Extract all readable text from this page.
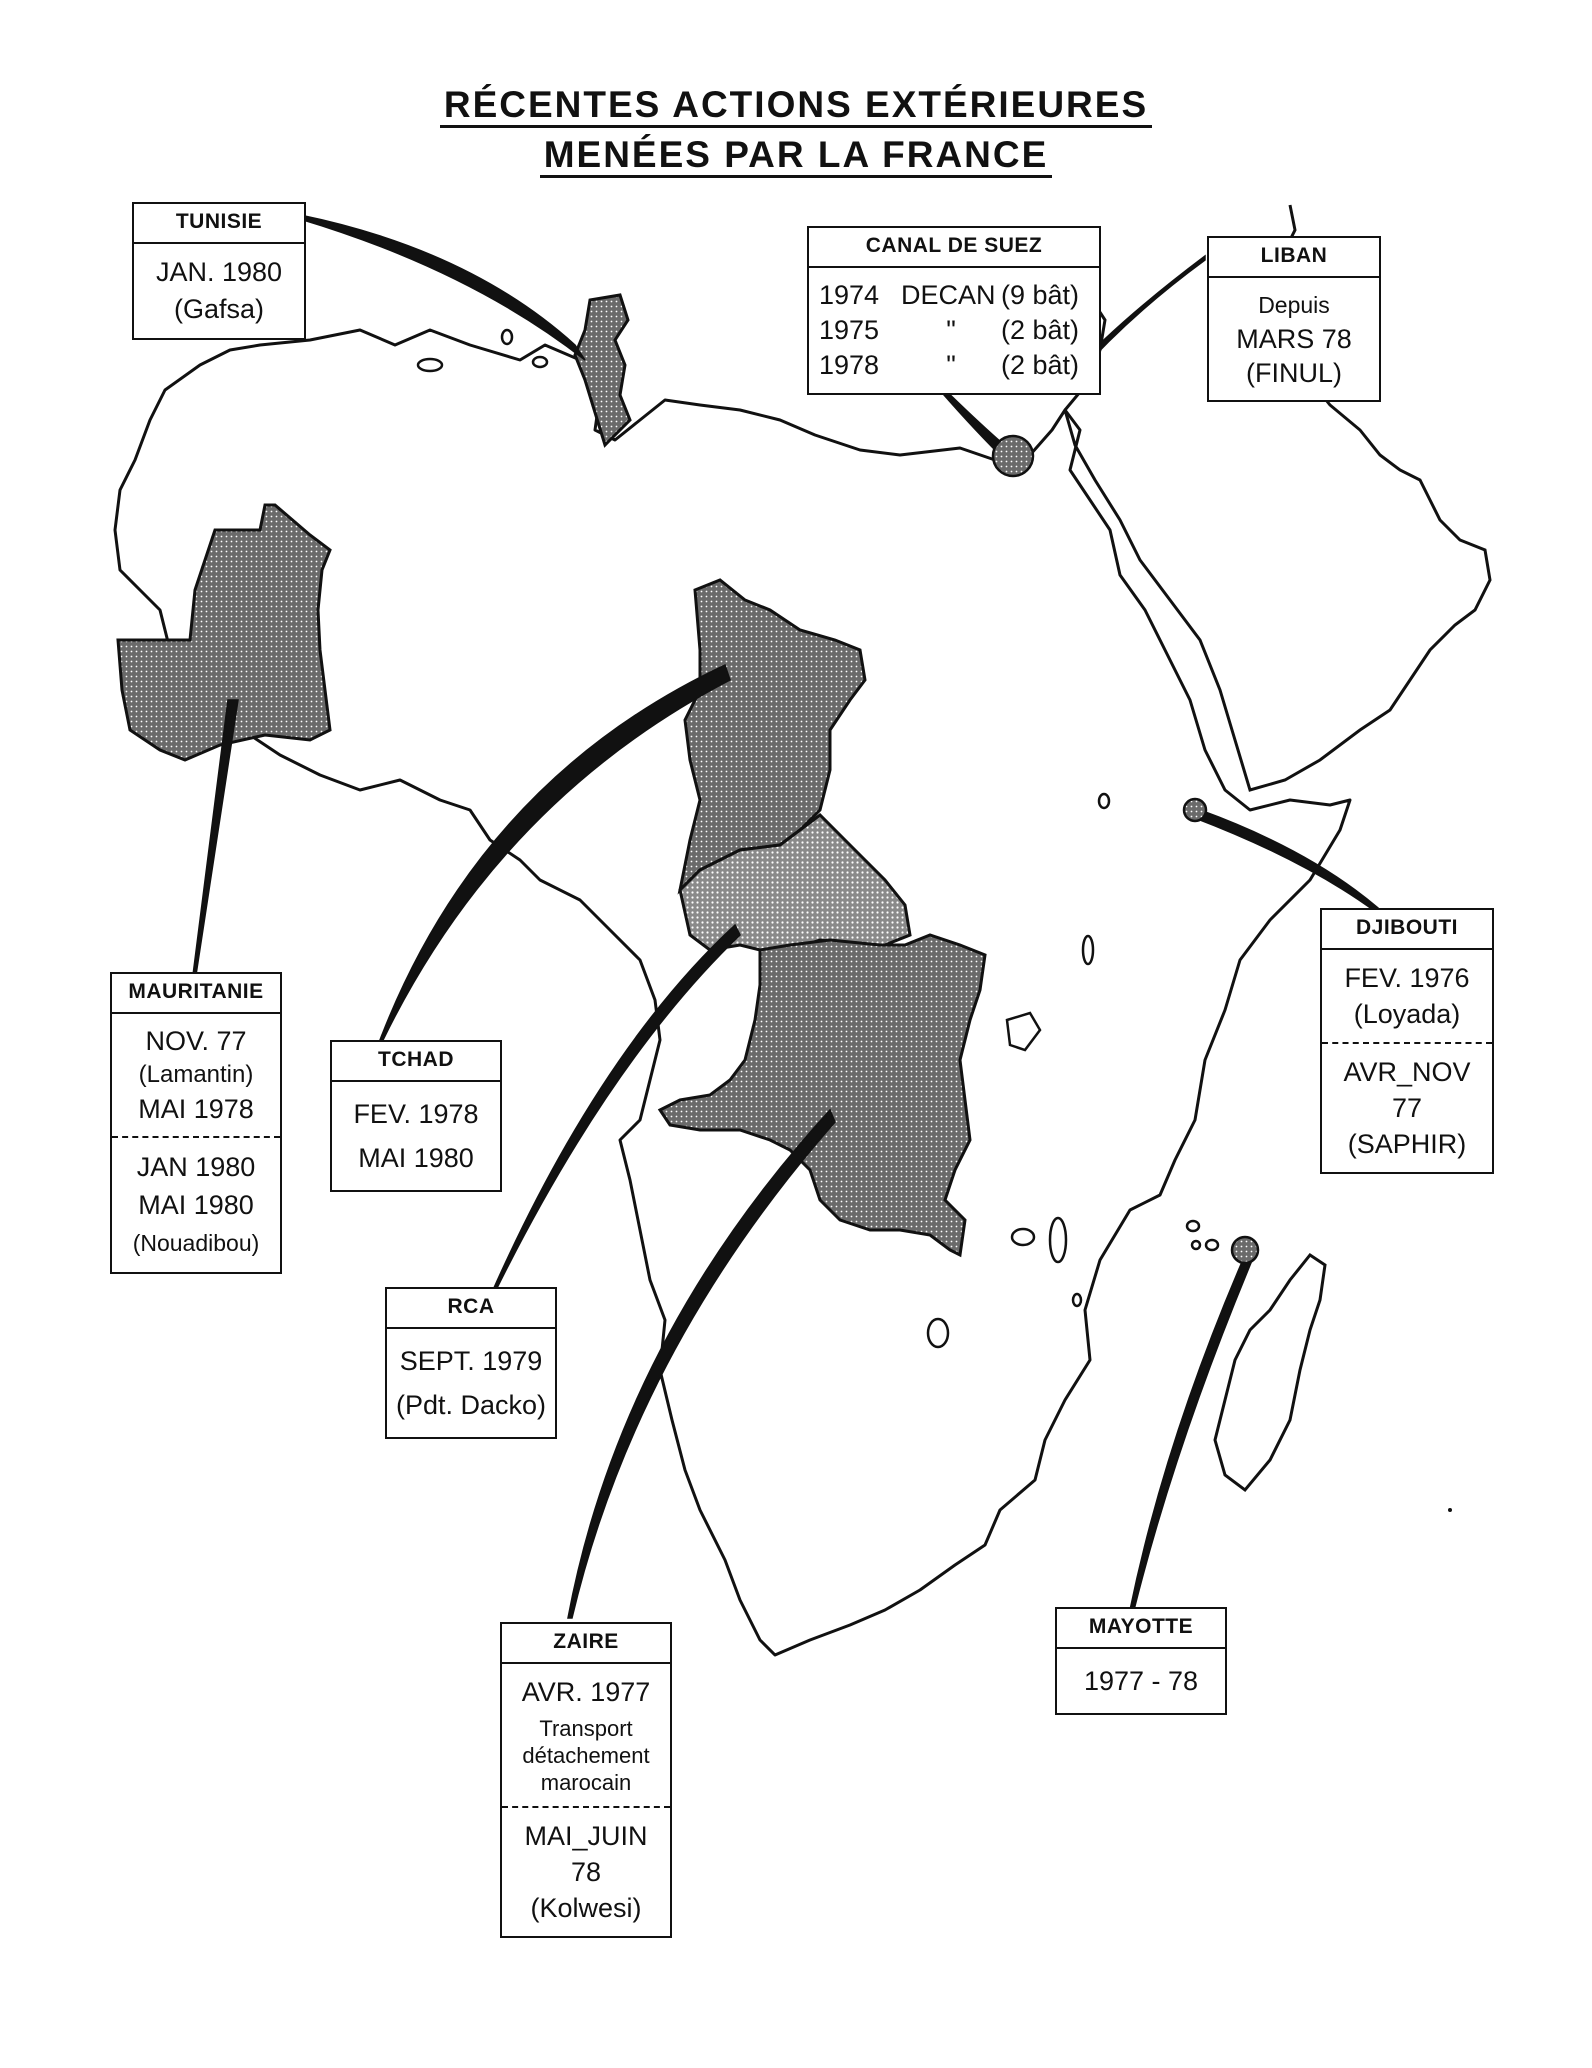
RÉCENTES ACTIONS EXTÉRIEURES
MENÉES PAR LA FRANCE
TUNISIE
JAN. 1980
(Gafsa)
CANAL DE SUEZ
1974 DECAN (9 bât)
1975 " (2 bât)
1978 " (2 bât)
LIBAN
Depuis
MARS 78
(FINUL)
DJIBOUTI
FEV. 1976
(Loyada)
AVR_NOV 77
(SAPHIR)
MAURITANIE
NOV. 77
(Lamantin)
MAI 1978
JAN 1980
MAI 1980
(Nouadibou)
TCHAD
FEV. 1978
MAI 1980
RCA
SEPT. 1979
(Pdt. Dacko)
ZAIRE
AVR. 1977
Transport
détachement
marocain
MAI_JUIN 78
(Kolwesi)
MAYOTTE
1977 - 78
